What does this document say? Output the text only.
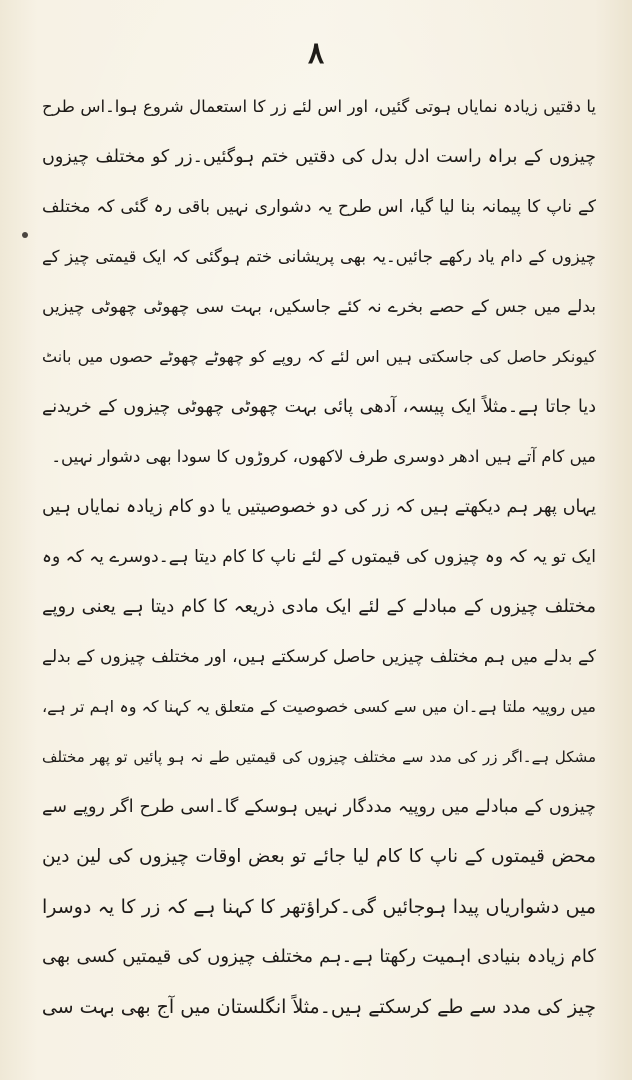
۸
یا دقتیں زیادہ نمایاں ہوتی گئیں، اور اس لئے زر کا استعمال شروع ہوا۔اس طرح
چیزوں کے براہ راست ادل بدل کی دقتیں ختم ہوگئیں۔زر کو مختلف چیزوں
کے ناپ کا پیمانہ بنا لیا گیا، اس طرح یہ دشواری نہیں باقی رہ گئی کہ مختلف
چیزوں کے دام یاد رکھے جائیں۔یہ بھی پریشانی ختم ہوگئی کہ ایک قیمتی چیز کے
بدلے میں جس کے حصے بخرے نہ کئے جاسکیں، بہت سی چھوٹی چھوٹی چیزیں
کیونکر حاصل کی جاسکتی ہیں اس لئے کہ روپے کو چھوٹے چھوٹے حصوں میں بانٹ
دیا جاتا ہے۔مثلاً ایک پیسہ، آدھی پائی بہت چھوٹی چھوٹی چیزوں کے خریدنے
میں کام آتے ہیں ادھر دوسری طرف لاکھوں، کروڑوں کا سودا بھی دشوار نہیں۔
یہاں پھر ہم دیکھتے ہیں کہ زر کی دو خصوصیتیں یا دو کام زیادہ نمایاں ہیں
ایک تو یہ کہ وہ چیزوں کی قیمتوں کے لئے ناپ کا کام دیتا ہے۔دوسرے یہ کہ وہ
مختلف چیزوں کے مبادلے کے لئے ایک مادی ذریعہ کا کام دیتا ہے یعنی روپے
کے بدلے میں ہم مختلف چیزیں حاصل کرسکتے ہیں، اور مختلف چیزوں کے بدلے
میں روپیہ ملتا ہے۔ان میں سے کسی خصوصیت کے متعلق یہ کہنا کہ وہ اہم تر ہے،
مشکل ہے۔اگر زر کی مدد سے مختلف چیزوں کی قیمتیں طے نہ ہو پائیں تو پھر مختلف
چیزوں کے مبادلے میں روپیہ مددگار نہیں ہوسکے گا۔اسی طرح اگر روپے سے
محض قیمتوں کے ناپ کا کام لیا جائے تو بعض اوقات چیزوں کی لین دین
میں دشواریاں پیدا ہوجائیں گی۔کراؤتھر کا کہنا ہے کہ زر کا یہ دوسرا
کام زیادہ بنیادی اہمیت رکھتا ہے۔ہم مختلف چیزوں کی قیمتیں کسی بھی
چیز کی مدد سے طے کرسکتے ہیں۔مثلاً انگلستان میں آج بھی بہت سی
